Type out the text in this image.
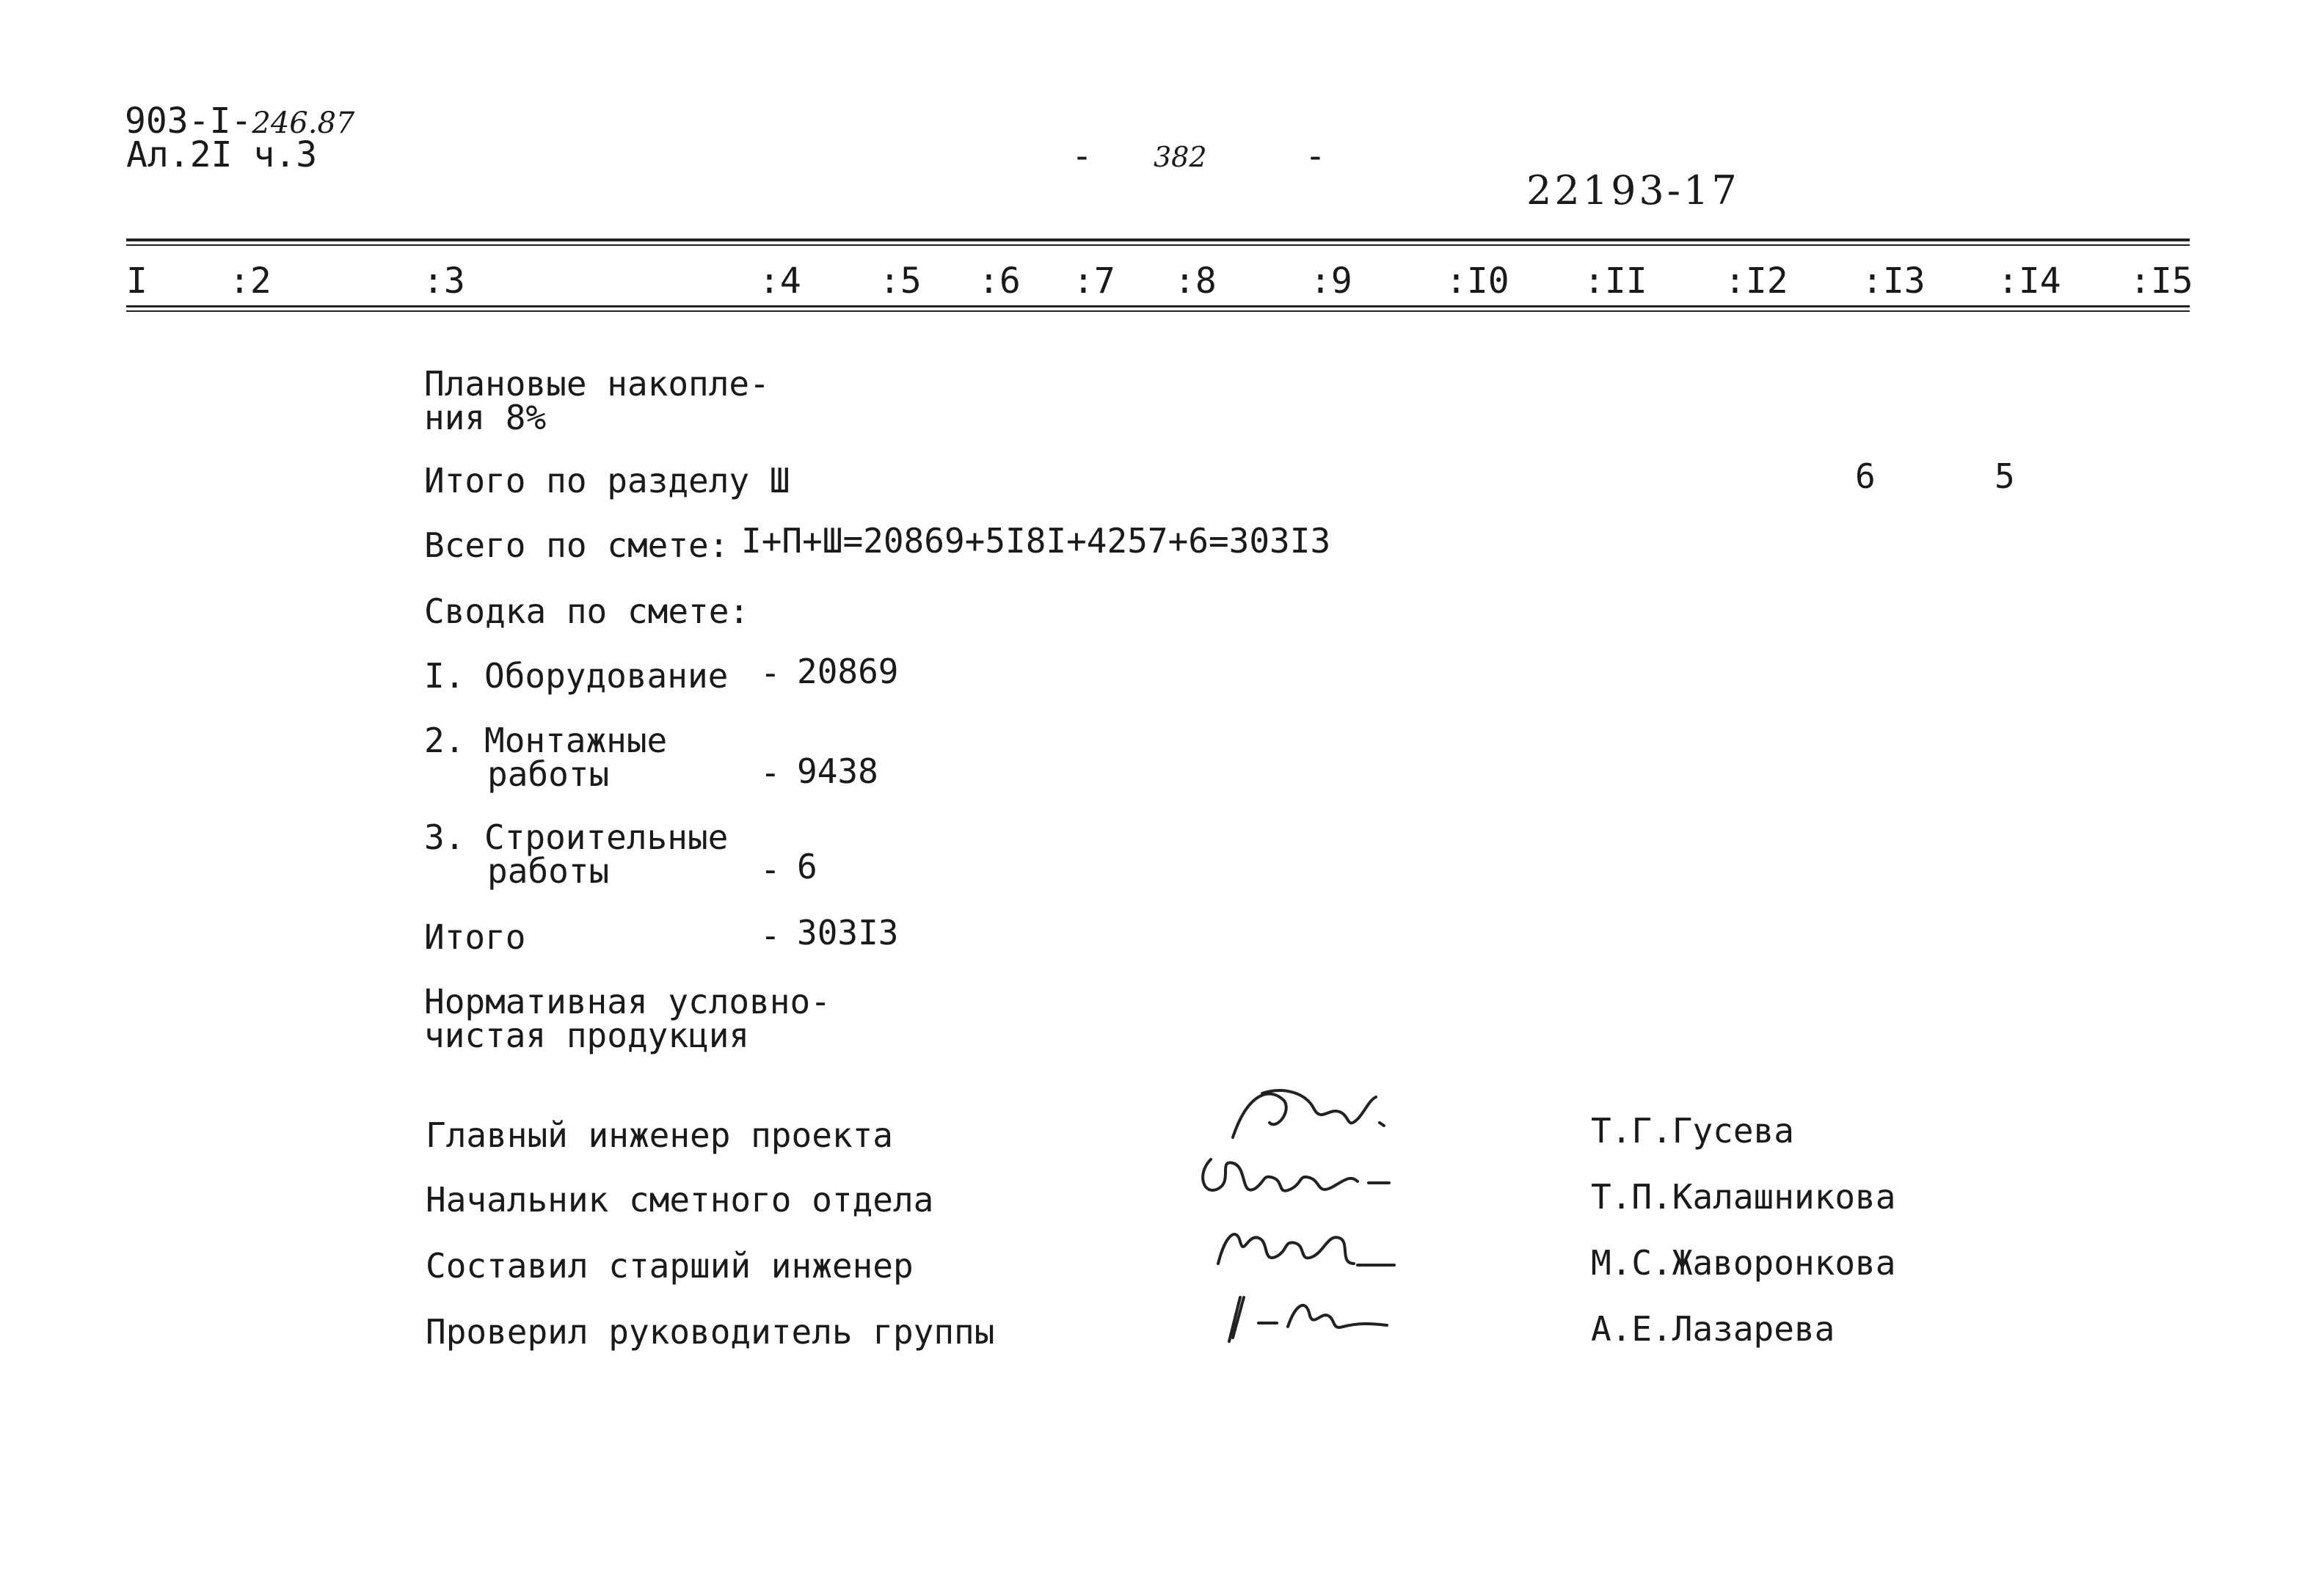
903-I-246.87
Ал.2I ч.3	- 382	-
22193-17
I :2	:3	:4 :5 :6 :7 :8	:9	:I0 :II :I2 :I3 :I4 :I5
Плановые накопле-
ния 8%
Итого по разделу Ш	6	5
Всего по смете: I+П+Ш=20869+5I8I+4257+6=303I3
Сводка по смете:
I. Оборудование - 20869
2. Монтажные
работы	- 9438
3. Строительные
работы	- 6
Итого	- 303I3
Нормативная условно-
чистая продукция
Главный инженер проекта	Т.Г.Гусева
Начальник сметного отдела	Т.П.Калашникова
Составил старший инженер	М.С.Жаворонкова
Проверил руководитель группы	А.Е.Лазарева
